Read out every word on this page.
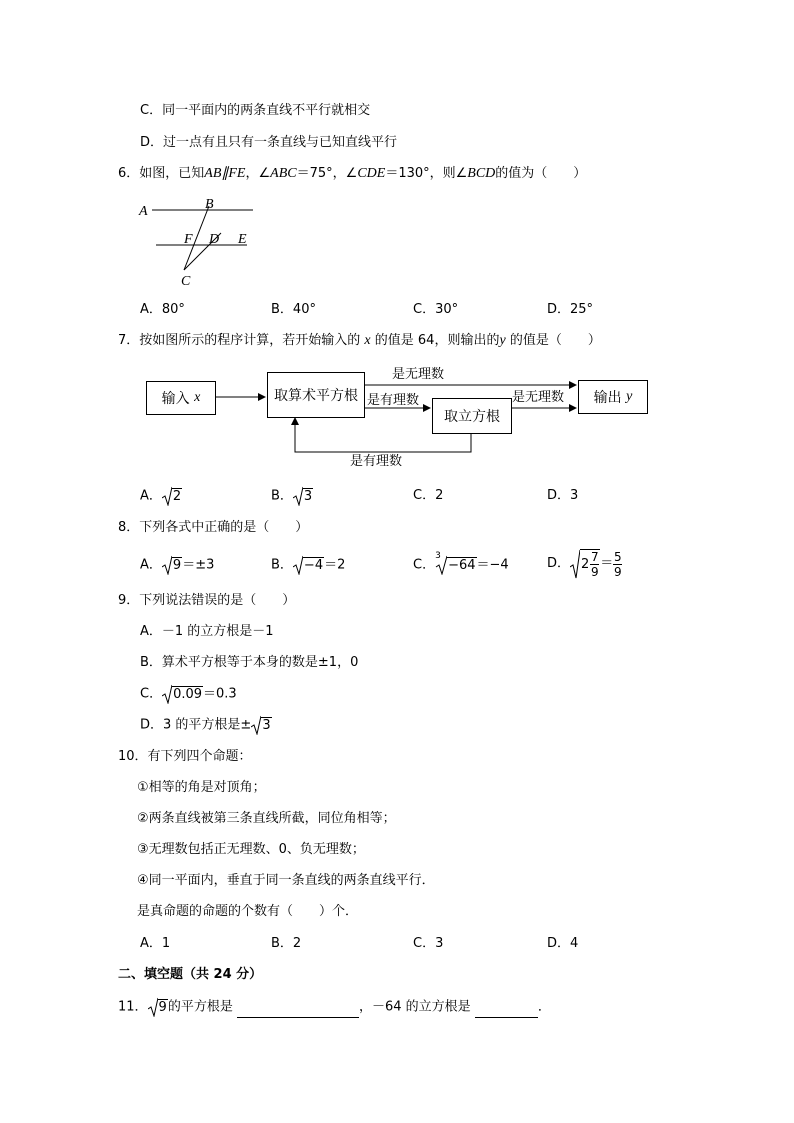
C．同一平面内的两条直线不平行就相交
D．过一点有且只有一条直线与已知直线平行
6．如图，已知AB∥FE，∠ABC＝75°，∠CDE＝130°，则∠BCD的值为（　　）
A	B
F D E
C
A．80°	B．40°	C．30°	D．25°
7．按如图所示的程序计算，若开始输入的 x 的值是 64，则输出的y 的值是（　　）
输入
x	取算术平方根
取立方根
输出
y
是无理数
是有理数	是无理数
是有理数
A． 2	B． 3	C．2	D．3
8．下列各式中正确的是（　　）
A． 9＝±3	B． −4＝2	C．
3
−64＝−4	D． 2 7
9
＝ $\frac{5}{9}$
9．下列说法错误的是（　　）
A．－1 的立方根是－1
B．算术平方根等于本身的数是±1，0
C． 0.09＝0.3
D．3 的平方根是± 3
10．有下列四个命题：
①相等的角是对顶角；
②两条直线被第三条直线所截，同位角相等；
③无理数包括正无理数、0、负无理数；
④同一平面内，垂直于同一条直线的两条直线平行．
是真命题的命题的个数有（　　）个．
A．1	B．2	C．3	D．4
二、填空题（共 24 分）
11． 9的平方根是	，－64 的立方根是	．
